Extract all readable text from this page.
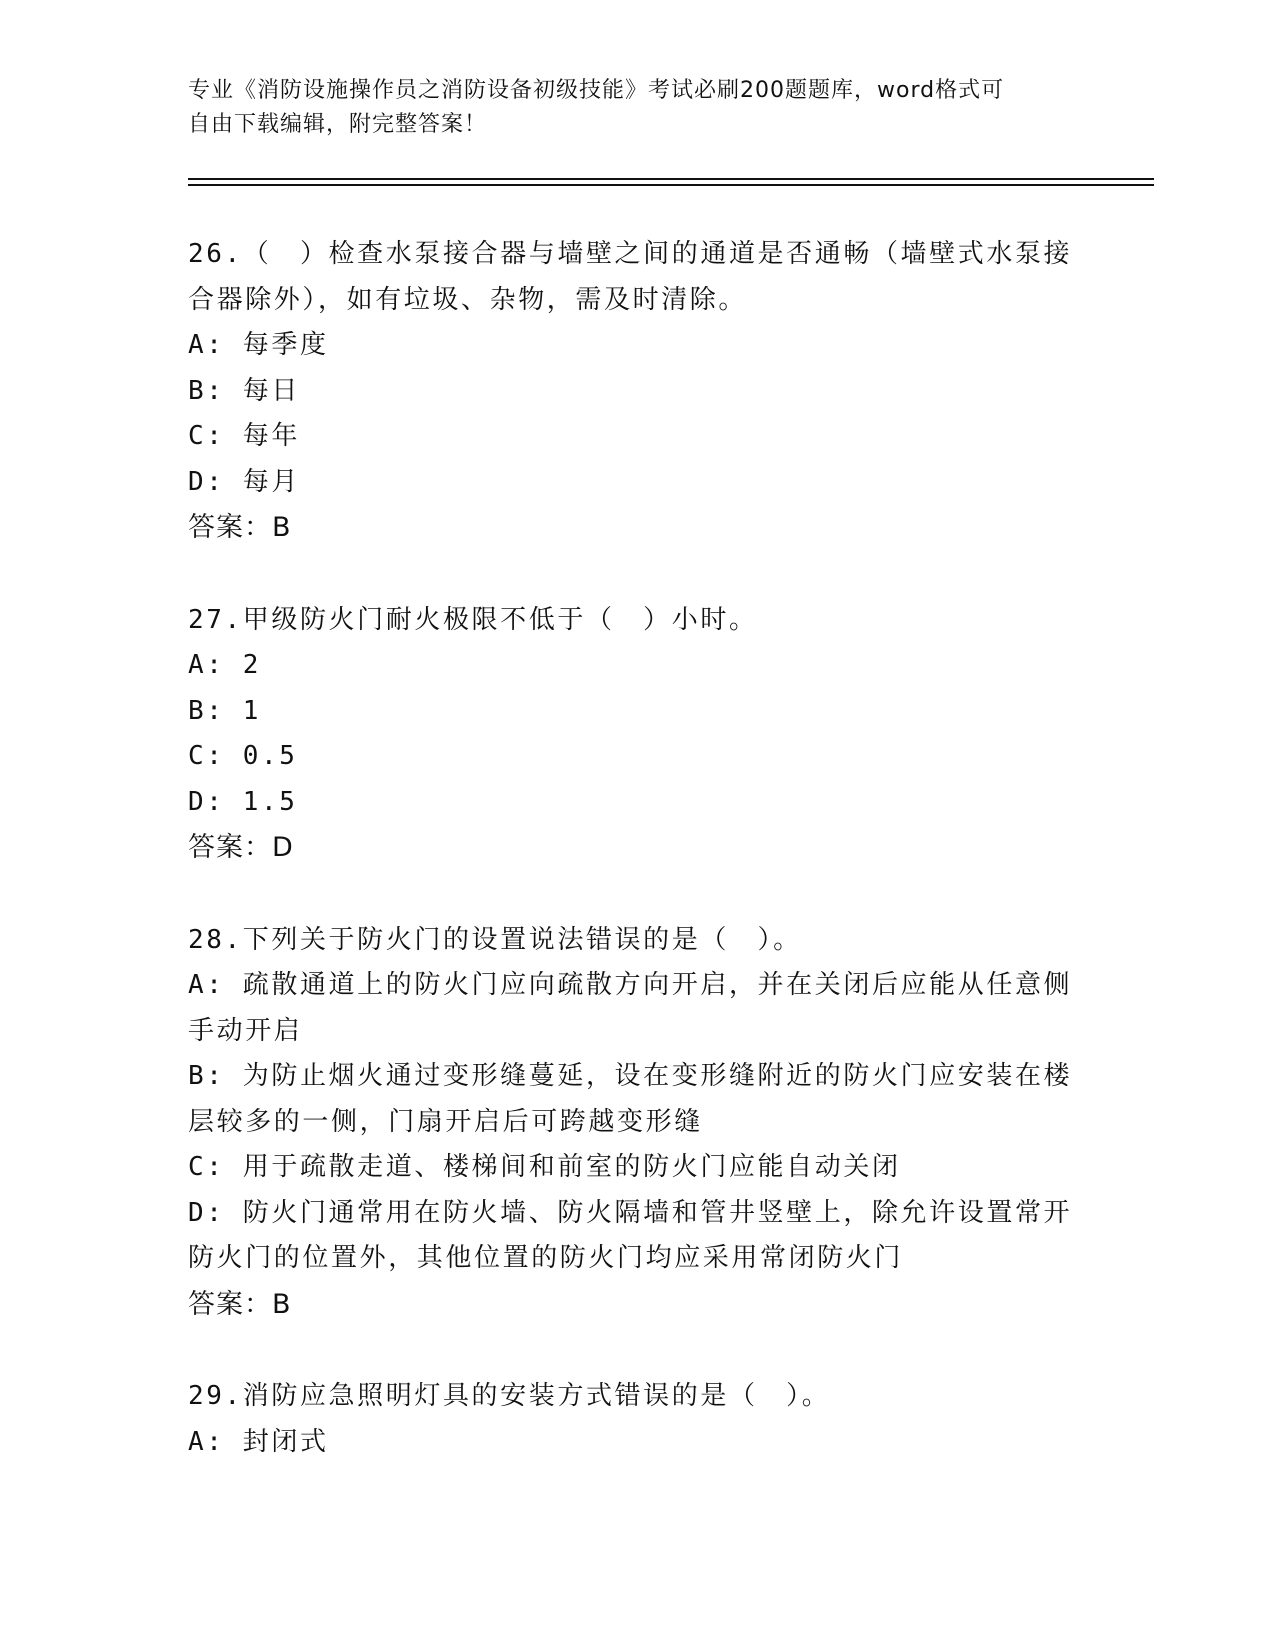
专业《消防设施操作员之消防设备初级技能》考试必刷200题题库，word格式可
自由下载编辑，附完整答案！

26.（　）检查水泵接合器与墙壁之间的通道是否通畅（墙壁式水泵接

合器除外），如有垃圾、杂物，需及时清除。

A: 每季度

B: 每日

C: 每年

D: 每月

答案：B

27.甲级防火门耐火极限不低于（　）小时。

A: 2

B: 1

C: 0.5

D: 1.5

答案：D

28.下列关于防火门的设置说法错误的是（　）。

A: 疏散通道上的防火门应向疏散方向开启，并在关闭后应能从任意侧

手动开启

B: 为防止烟火通过变形缝蔓延，设在变形缝附近的防火门应安装在楼

层较多的一侧，门扇开启后可跨越变形缝

C: 用于疏散走道、楼梯间和前室的防火门应能自动关闭

D: 防火门通常用在防火墙、防火隔墙和管井竖壁上，除允许设置常开

防火门的位置外，其他位置的防火门均应采用常闭防火门

答案：B

29.消防应急照明灯具的安装方式错误的是（　）。

A: 封闭式
